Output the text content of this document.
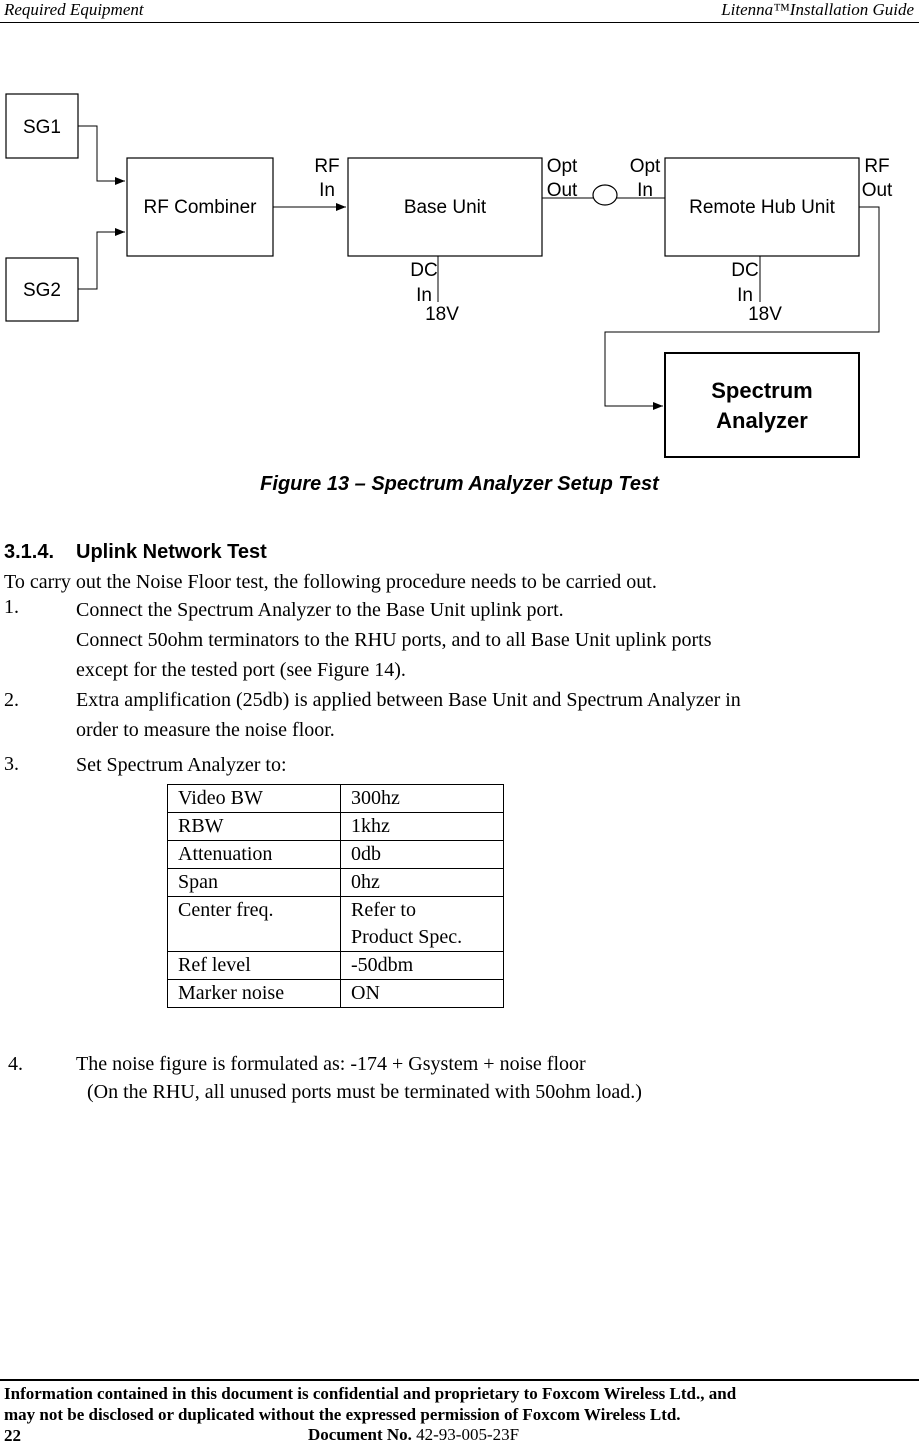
Required Equipment	Litenna™Installation Guide
SG1
SG2
RF Combiner	Base Unit	Remote Hub Unit
Spectrum
Analyzer
RF
In
Opt
Out
Opt
In
RF
Out
DC
In
18V
DC
In
18V
Figure 13 – Spectrum Analyzer Setup Test
3.1.4. Uplink Network Test
To carry out the Noise Floor test, the following procedure needs to be carried out.
1.	Connect the Spectrum Analyzer to the Base Unit uplink port.
Connect 50ohm terminators to the RHU ports, and to all Base Unit uplink ports
except for the tested port (see Figure 14).
2.	Extra amplification (25db) is applied between Base Unit and Spectrum Analyzer in
order to measure the noise floor.
3.	Set Spectrum Analyzer to:
Video BW	300hz
RBW	1khz
Attenuation	0db
Span	0hz
Center freq.	Refer to
Product Spec.

Ref level	-50dbm
Marker noise	ON
4.	The noise figure is formulated as: -174 + Gsystem + noise floor
(On the RHU, all unused ports must be terminated with 50ohm load.)
Information contained in this document is confidential and proprietary to Foxcom Wireless Ltd., and
may not be disclosed or duplicated without the expressed permission of Foxcom Wireless Ltd.
22	Document No. 42-93-005-23F
